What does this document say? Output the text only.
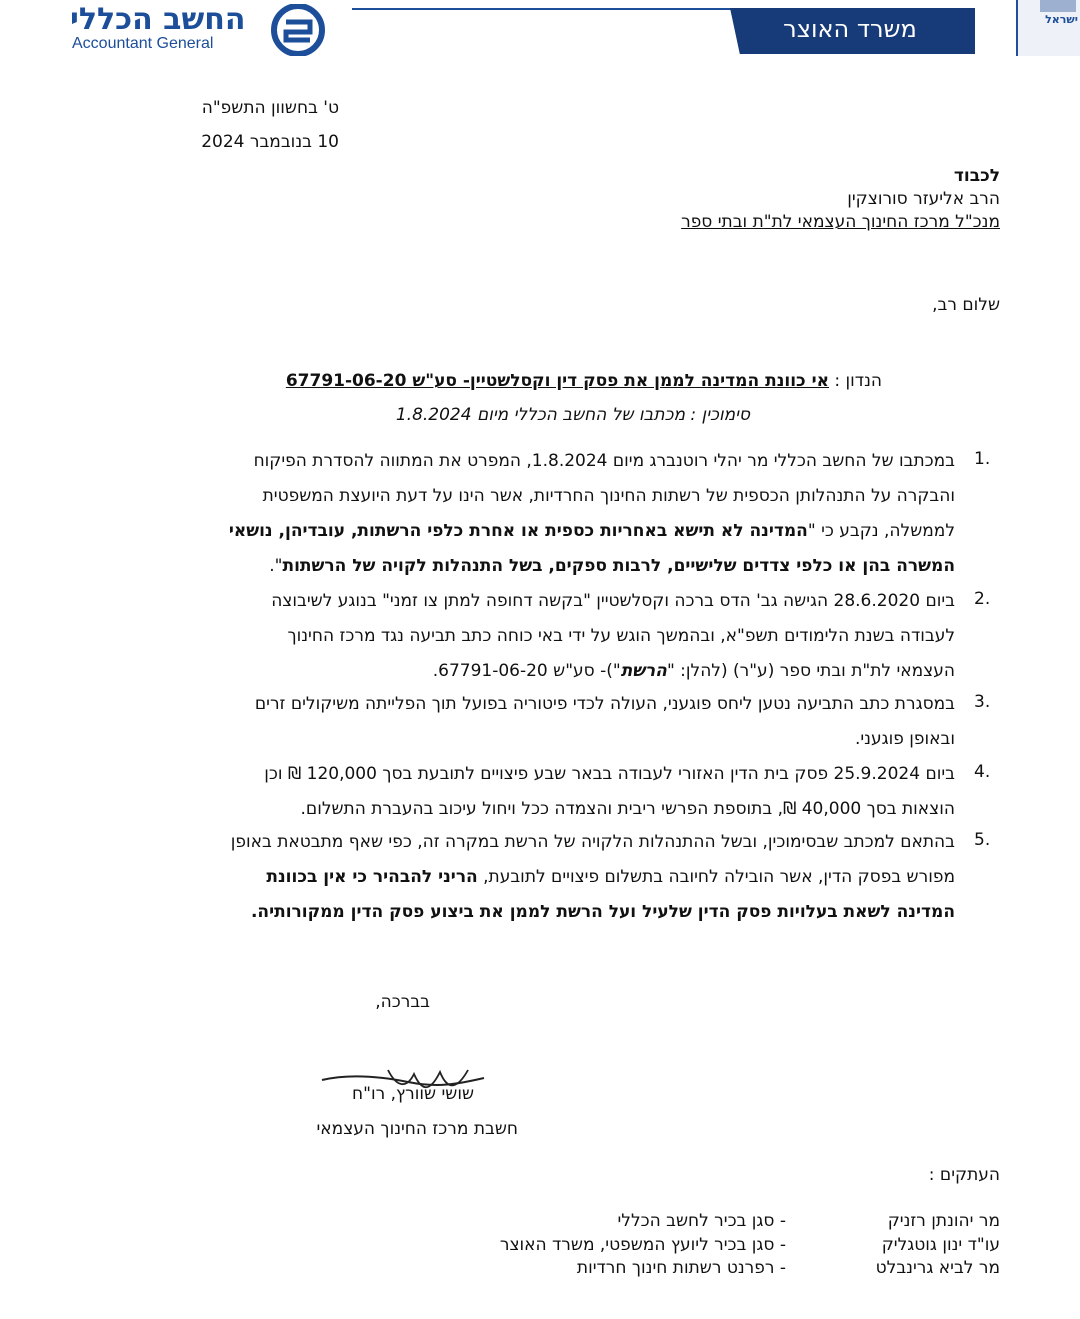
החשב הכללי
Accountant General
משרד האוצר	ישראל
ט' בחשוון התשפ"ה
10 בנובמבר 2024
לכבוד
הרב אליעזר סורוצקין
מנכ"ל מרכז החינוך העצמאי לת"ת ובתי ספר
שלום רב,
הנדון : אי כוונת המדינה לממן את פסק דין וקסלשטיין- סע"ש 67791-06-20
סימוכין : מכתבו של החשב הכללי מיום 1.8.2024
1.
במכתבו של החשב הכללי מר יהלי רוטנברג מיום 1.8.2024, המפרט את המתווה להסדרת הפיקוח
והבקרה על התנהלותן הכספית של רשתות החינוך החרדיות, אשר הינו על דעת היועצת המשפטית
לממשלה, נקבע כי "המדינה לא תישא באחריות כספית או אחרת כלפי הרשתות, עובדיהן, נושאי
המשרה בהן או כלפי צדדים שלישיים, לרבות ספקים, בשל התנהלות לקויה של הרשתות".
2.
ביום 28.6.2020 הגישה גב' הדס ברכה וקסלשטיין "בקשה דחופה למתן צו זמני" בנוגע לשיבוצה
לעבודה בשנת הלימודים תשפ"א, ובהמשך הוגש על ידי באי כוחה כתב תביעה נגד מרכז החינוך
העצמאי לת"ת ובתי ספר (ע"ר) (להלן: "הרשת")- סע"ש 67791-06-20.
3.
במסגרת כתב התביעה נטען ליחס פוגעני, העולה לכדי פיטוריה בפועל תוך הפלייתה משיקולים זרים
ובאופן פוגעני.
4.
ביום 25.9.2024 פסק בית הדין האזורי לעבודה בבאר שבע פיצויים לתובעת בסך 120,000 ₪ וכן
הוצאות בסך 40,000 ₪, בתוספת הפרשי ריבית והצמדה ככל ויחול עיכוב בהעברת התשלום.
5.
בהתאם למכתב שבסימוכין, ובשל ההתנהלות הלקויה של הרשת במקרה זה, כפי שאף מתבטאת באופן
מפורש בפסק הדין, אשר הובילה לחיובה בתשלום פיצויים לתובעת, הריני להבהיר כי אין בכוונת
המדינה לשאת בעלויות פסק הדין שלעיל ועל הרשת לממן את ביצוע פסק הדין ממקורותיה.
בברכה,
שושי שוורץ, רו"ח
חשבת מרכז החינוך העצמאי
העתקים :
מר יהונתן רזניק
- סגן בכיר לחשב הכללי
עו"ד ינון גוטגליק
- סגן בכיר ליועץ המשפטי, משרד האוצר
מר לביא גרינבלט
- רפרנט רשתות חינוך חרדיות
